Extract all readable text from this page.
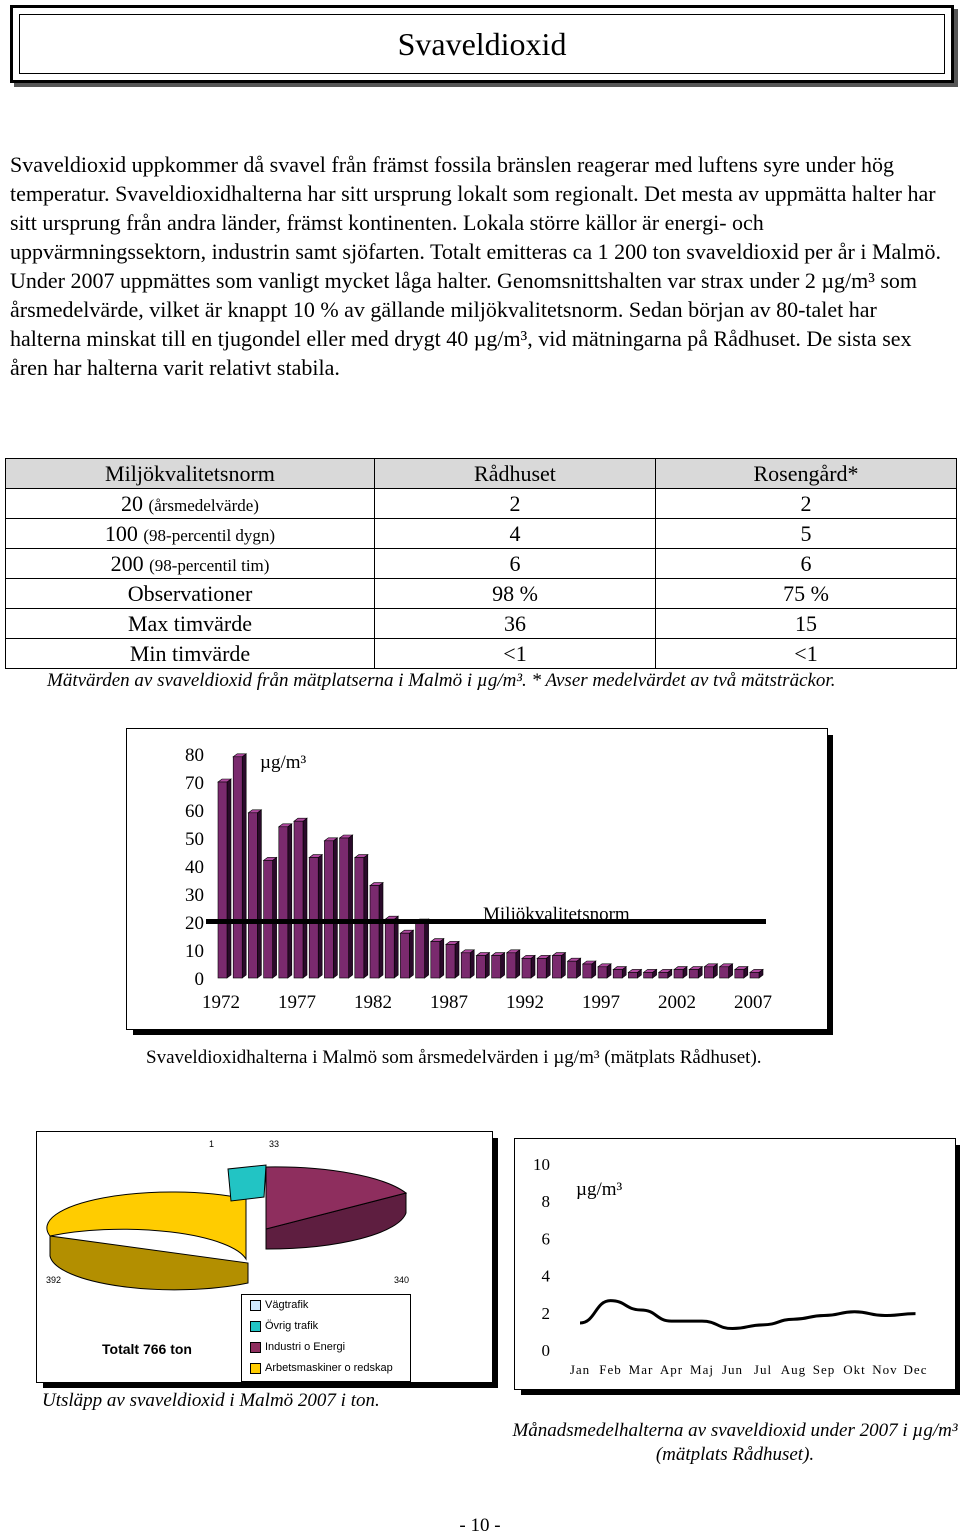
Svaveldioxid

Svaveldioxid uppkommer då svavel från främst fossila bränslen reagerar med luftens syre under hög temperatur. Svaveldioxidhalterna har sitt ursprung lokalt som regionalt. Det mesta av uppmätta halter har sitt ursprung från andra länder, främst kontinenten. Lokala större källor är energi- och uppvärmningssektorn, industrin samt sjöfarten. Totalt emitteras ca 1 200 ton svaveldioxid per år i Malmö. Under 2007 uppmättes som vanligt mycket låga halter. Genomsnittshalten var strax under 2 µg/m³ som årsmedelvärde, vilket är knappt 10 % av gällande miljökvalitetsnorm. Sedan början av 80-talet har halterna minskat till en tjugondel eller med drygt 40 µg/m³, vid mätningarna på Rådhuset. De sista sex åren har halterna varit relativt stabila.

Miljökvalitetsnorm	Rådhuset	Rosengård*
20 (årsmedelvärde)	2	2
100 (98-percentil dygn)	4	5
200 (98-percentil tim)	6	6
Observationer	98 %	75 %
Max timvärde	36	15
Min timvärde	<1	<1
Mätvärden av svaveldioxid från mätplatserna i Malmö i µg/m³. * Avser medelvärdet av två mätsträckor.
0
10
20
30
40
50
60
70
80
1972 1977 1982 1987 1992 1997 2002 2007
Miljökvalitetsnorm
µg/m³
Svaveldioxidhalterna i Malmö som årsmedelvärden i µg/m³ (mätplats Rådhuset).
1	33
340
392
Totalt 766 ton
Vägtrafik
Övrig trafik
Industri o Energi
Arbetsmaskiner o redskap
Utsläpp av svaveldioxid i Malmö 2007 i ton.
0
2
4
6
8
10
Jan Feb Mar Apr Maj Jun Jul Aug Sep Okt Nov Dec
µg/m³
Månadsmedelhalterna av svaveldioxid under 2007 i µg/m³ (mätplats Rådhuset).
- 10 -
